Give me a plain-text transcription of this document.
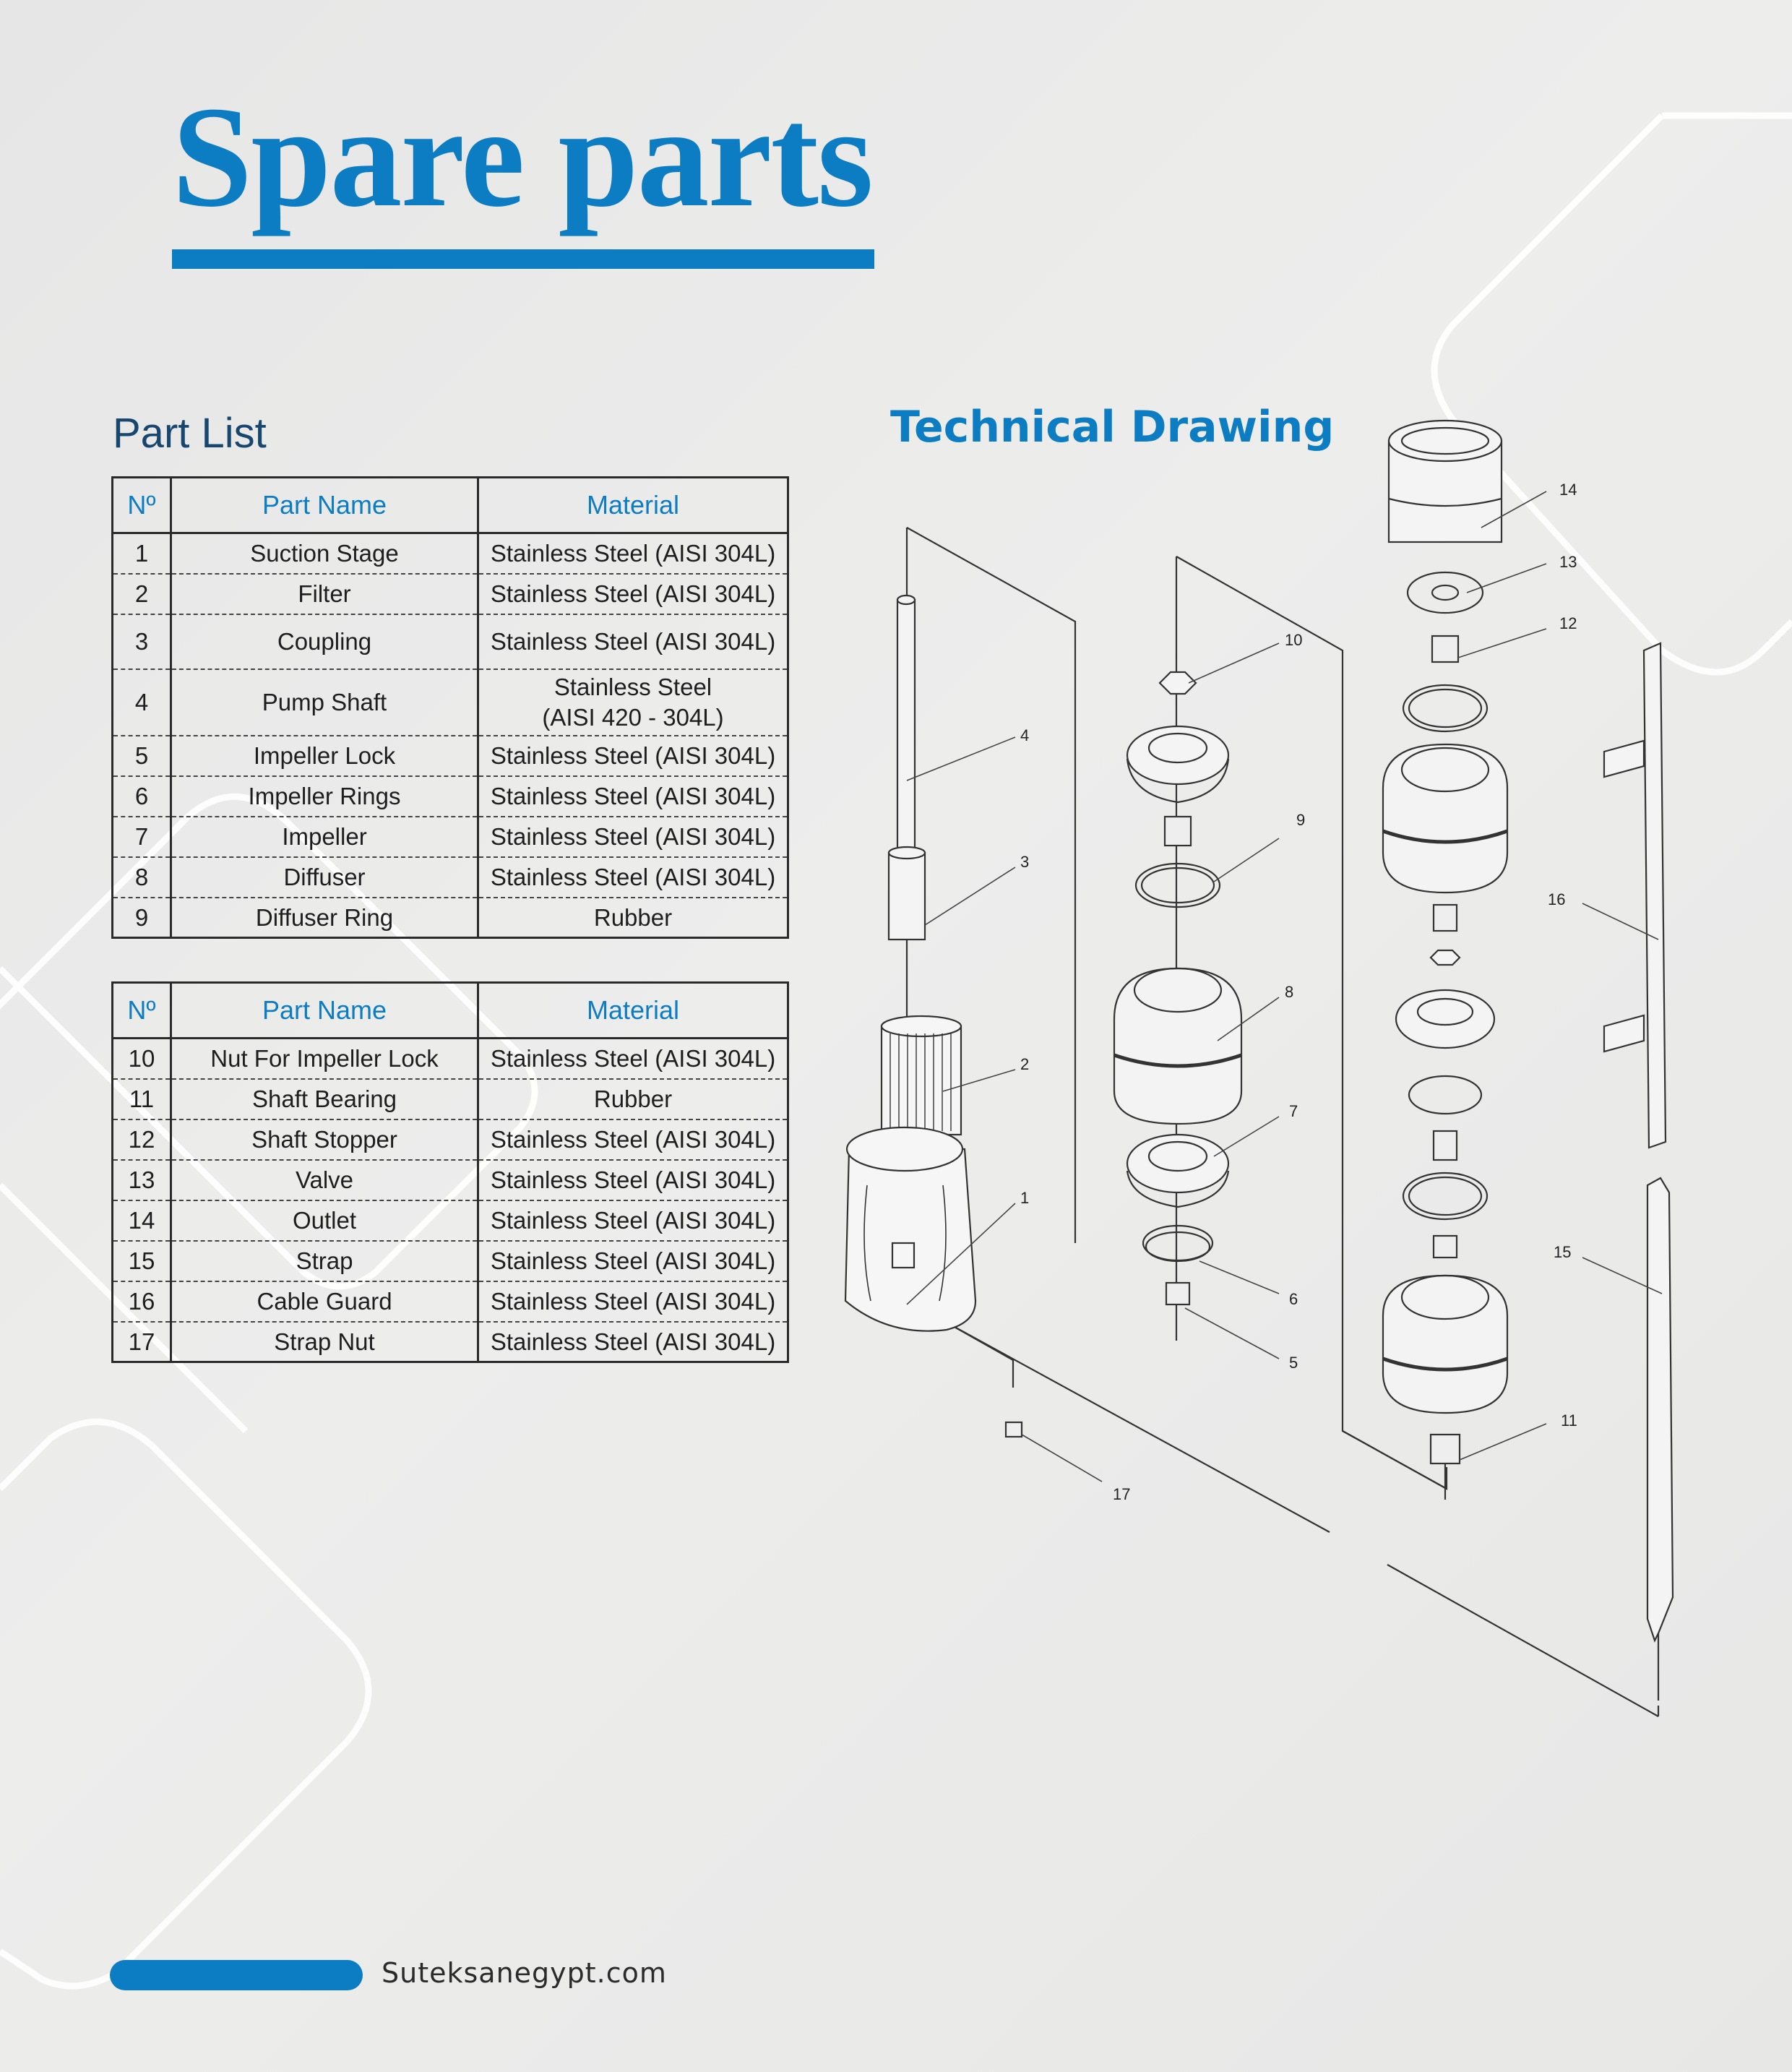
Spare parts
Part List	Technical Drawing
Nº	Part Name	Material
1	Suction Stage	Stainless Steel (AISI 304L)
2	Filter	Stainless Steel (AISI 304L)
3	Coupling	Stainless Steel (AISI 304L)
4	Pump Shaft	Stainless Steel
(AISI 420 - 304L)
5	Impeller Lock	Stainless Steel (AISI 304L)
6	Impeller Rings	Stainless Steel (AISI 304L)
7	Impeller	Stainless Steel (AISI 304L)
8	Diffuser	Stainless Steel (AISI 304L)
9	Diffuser Ring	Rubber
Nº	Part Name	Material
10	Nut For Impeller Lock	Stainless Steel (AISI 304L)
11	Shaft Bearing	Rubber
12	Shaft Stopper	Stainless Steel (AISI 304L)
13	Valve	Stainless Steel (AISI 304L)
14	Outlet	Stainless Steel (AISI 304L)
15	Strap	Stainless Steel (AISI 304L)
16	Cable Guard	Stainless Steel (AISI 304L)
17	Strap Nut	Stainless Steel (AISI 304L)
1
2
3
4
5
6
7
8
9
10
11
12
13
14
15
16
17
Suteksanegypt.com
